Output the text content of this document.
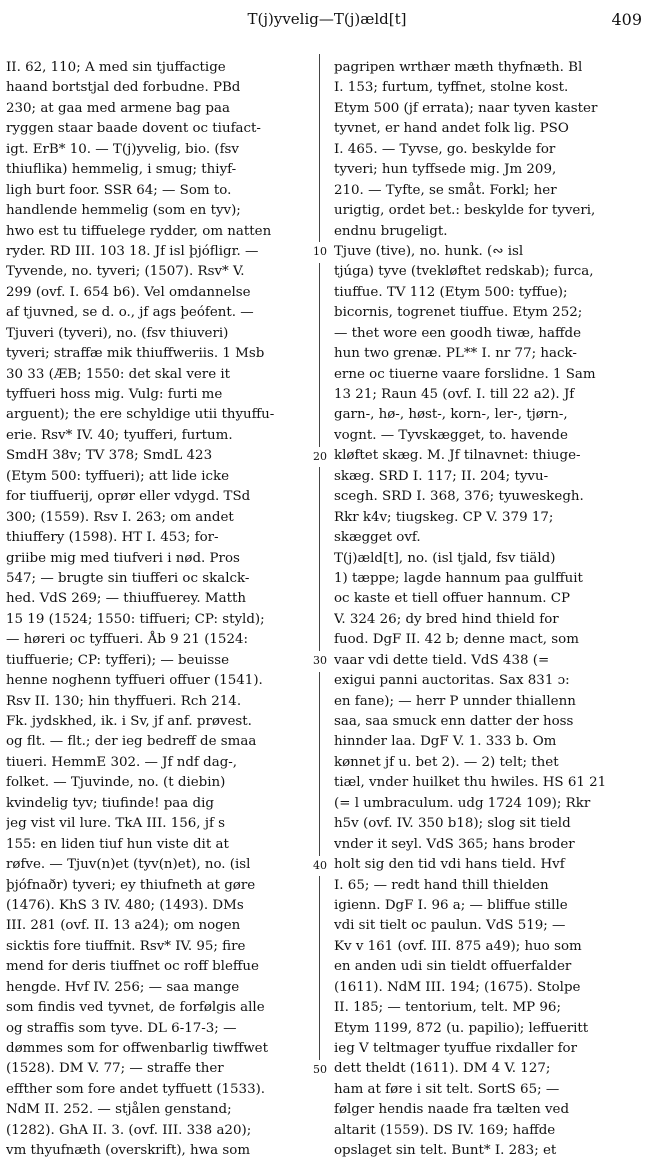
T(j)yvelig—T(j)æld[t]	409
II. 62, 110; A med sin tjuffactige
haand bortstjal ded forbudne. PBd
230; at gaa med armene bag paa
ryggen staar baade dovent oc tiufact-
igt. ErB* 10. — T(j)yvelig, bio. (fsv
thiuflika) hemmelig, i smug; thiyf-
ligh burt foor. SSR 64; — Som to.
handlende hemmelig (som en tyv);
hwo est tu tiffuelege rydder, om natten
ryder. RD III. 103 18. Jf isl þjófligr. —
Tyvende, no. tyveri; (1507). Rsv* V.
299 (ovf. I. 654 b6). Vel omdannelse
af tjuvned, se d. o., jf ags þeófent. —
Tjuveri (tyveri), no. (fsv thiuveri)
tyveri; straffæ mik thiuffweriis. 1 Msb
30 33 (ÆB; 1550: det skal vere it
tyffueri hoss mig. Vulg: furti me
arguent); the ere schyldige utii thyuffu-
erie. Rsv* IV. 40; tyufferi, furtum.
SmdH 38v; TV 378; SmdL 423
(Etym 500: tyffueri); att lide icke
for tiuffuerij, oprør eller vdygd. TSd
300; (1559). Rsv I. 263; om andet
thiuffery (1598). HT I. 453; for-
griibe mig med tiufveri i nød. Pros
547; — brugte sin tiufferi oc skalck-
hed. VdS 269; — thiuffuerey. Matth
15 19 (1524; 1550: tiffueri; CP: styld);
— høreri oc tyffueri. Åb 9 21 (1524:
tiuffuerie; CP: tyfferi); — beuisse
henne noghenn tyffueri offuer (1541).
Rsv II. 130; hin thyffueri. Rch 214.
Fk. jydskhed, ik. i Sv, jf anf. prøvest.
og flt. — flt.; der ieg bedreff de smaa
tiueri. HemmE 302. — Jf ndf dag-,
folket. — Tjuvinde, no. (t diebin)
kvindelig tyv; tiufinde! paa dig
jeg vist vil lure. TkA III. 156, jf s
155: en liden tiuf hun viste dit at
røfve. — Tjuv(n)et (tyv(n)et), no. (isl
þjófnaðr) tyveri; ey thiufneth at gøre
(1476). KhS 3 IV. 480; (1493). DMs
III. 281 (ovf. II. 13 a24); om nogen
sicktis fore tiuffnit. Rsv* IV. 95; fire
mend for deris tiuffnet oc roff bleffue
hengde. Hvf IV. 256; — saa mange
som findis ved tyvnet, de forfølgis alle
og straffis som tyve. DL 6-17-3; —
dømmes som for offwenbarlig tiwffwet
(1528). DM V. 77; — straffe ther
effther som fore andet tyffuett (1533).
NdM II. 252. — stjålen genstand;
(1282). GhA II. 3. (ovf. III. 338 a20);
vm thyufnæth (overskrift), hwa som
pagripen wrthær mæth thyfnæth. Bl
I. 153; furtum, tyffnet, stolne kost.
Etym 500 (jf errata); naar tyven kaster
tyvnet, er hand andet folk lig. PSO
I. 465. — Tyvse, go. beskylde for
tyveri; hun tyffsede mig. Jm 209,
210. — Tyfte, se småt. Forkl; her
urigtig, ordet bet.: beskylde for tyveri,
endnu brugeligt.
Tjuve (tive), no. hunk. (∾ isl
tjúga) tyve (tvekløftet redskab); furca,
tiuffue. TV 112 (Etym 500: tyffue);
bicornis, togrenet tiuffue. Etym 252;
— thet wore een goodh tiwæ, haffde
hun two grenæ. PL** I. nr 77; hack-
erne oc tiuerne vaare forslidne. 1 Sam
13 21; Raun 45 (ovf. I. till 22 a2). Jf
garn-, hø-, høst-, korn-, ler-, tjørn-,
vognt. — Tyvskægget, to. havende
kløftet skæg. M. Jf tilnavnet: thiuge-
skæg. SRD I. 117; II. 204; tyvu-
scegh. SRD I. 368, 376; tyuweskegh.
Rkr k4v; tiugskeg. CP V. 379 17;
skægget ovf.
T(j)æld[t], no. (isl tjald, fsv tiäld)
1) tæppe; lagde hannum paa gulffuit
oc kaste et tiell offuer hannum. CP
V. 324 26; dy bred hind thield for
fuod. DgF II. 42 b; denne mact, som
vaar vdi dette tield. VdS 438 (=
exigui panni auctoritas. Sax 831 ɔ:
en fane); — herr P unnder thiallenn
saa, saa smuck enn datter der hoss
hinnder laa. DgF V. 1. 333 b. Om
kønnet jf u. bet 2). — 2) telt; thet
tiæl, vnder huilket thu hwiles. HS 61 21
(= l umbraculum. udg 1724 109); Rkr
h5v (ovf. IV. 350 b18); slog sit tield
vnder it seyl. VdS 365; hans broder
holt sig den tid vdi hans tield. Hvf
I. 65; — redt hand thill thielden
igienn. DgF I. 96 a; — bliffue stille
vdi sit tielt oc paulun. VdS 519; —
Kv v 161 (ovf. III. 875 a49); huo som
en anden udi sin tieldt offuerfalder
(1611). NdM III. 194; (1675). Stolpe
II. 185; — tentorium, telt. MP 96;
Etym 1199, 872 (u. papilio); leffueritt
ieg V teltmager tyuffue rixdaller for
dett theldt (1611). DM 4 V. 127;
ham at føre i sit telt. SortS 65; —
følger hendis naade fra tælten ved
altarit (1559). DS IV. 169; haffde
opslaget sin telt. Bunt* I. 283; et
10
20
30
40
50
